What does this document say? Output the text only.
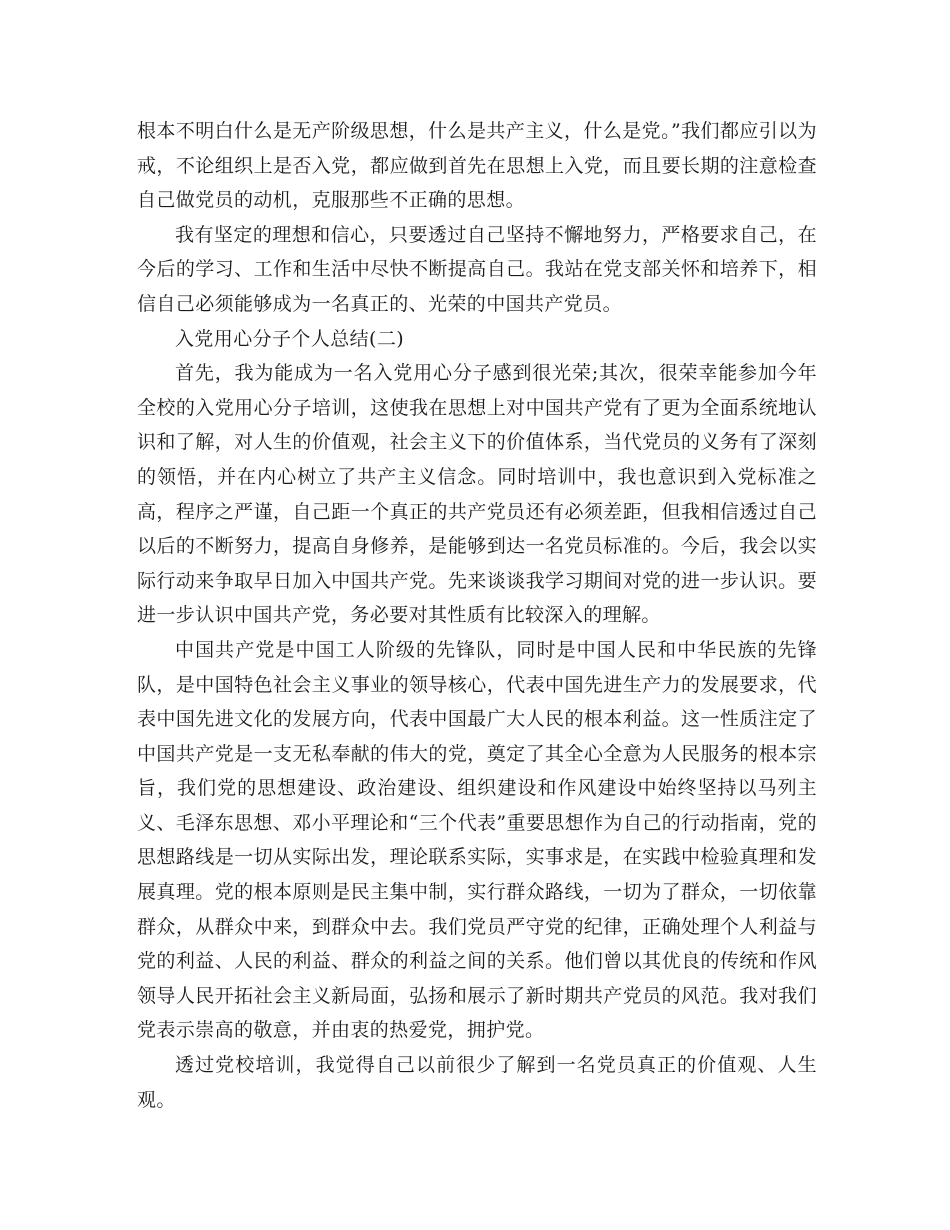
根本不明白什么是无产阶级思想，什么是共产主义，什么是党。”我们都应引以为戒，不论组织上是否入党，都应做到首先在思想上入党，而且要长期的注意检查自己做党员的动机，克服那些不正确的思想。

我有坚定的理想和信心，只要透过自己坚持不懈地努力，严格要求自己，在今后的学习、工作和生活中尽快不断提高自己。我站在党支部关怀和培养下，相信自己必须能够成为一名真正的、光荣的中国共产党员。

入党用心分子个人总结(二)

首先，我为能成为一名入党用心分子感到很光荣;其次，很荣幸能参加今年全校的入党用心分子培训，这使我在思想上对中国共产党有了更为全面系统地认识和了解，对人生的价值观，社会主义下的价值体系，当代党员的义务有了深刻的领悟，并在内心树立了共产主义信念。同时培训中，我也意识到入党标准之高，程序之严谨，自己距一个真正的共产党员还有必须差距，但我相信透过自己以后的不断努力，提高自身修养，是能够到达一名党员标准的。今后，我会以实际行动来争取早日加入中国共产党。先来谈谈我学习期间对党的进一步认识。要进一步认识中国共产党，务必要对其性质有比较深入的理解。

中国共产党是中国工人阶级的先锋队，同时是中国人民和中华民族的先锋队，是中国特色社会主义事业的领导核心，代表中国先进生产力的发展要求，代表中国先进文化的发展方向，代表中国最广大人民的根本利益。这一性质注定了中国共产党是一支无私奉献的伟大的党，奠定了其全心全意为人民服务的根本宗旨，我们党的思想建设、政治建设、组织建设和作风建设中始终坚持以马列主义、毛泽东思想、邓小平理论和“三个代表”重要思想作为自己的行动指南，党的思想路线是一切从实际出发，理论联系实际，实事求是，在实践中检验真理和发展真理。党的根本原则是民主集中制，实行群众路线，一切为了群众，一切依靠群众，从群众中来，到群众中去。我们党员严守党的纪律，正确处理个人利益与党的利益、人民的利益、群众的利益之间的关系。他们曾以其优良的传统和作风领导人民开拓社会主义新局面，弘扬和展示了新时期共产党员的风范。我对我们党表示崇高的敬意，并由衷的热爱党，拥护党。

透过党校培训，我觉得自己以前很少了解到一名党员真正的价值观、人生观。
